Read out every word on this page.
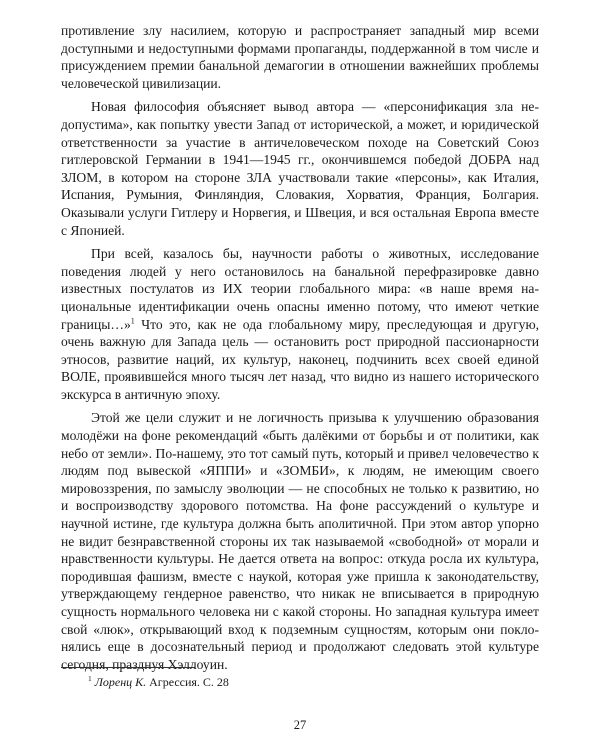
противление злу насилием, которую и распространяет западный мир всеми доступными и недоступными формами пропаганды, поддержанной в том числе и присуждением премии банальной демагогии в отношении важнейших проблемы человеческой цивилизации.

Новая философия объясняет вывод автора — «персонификация зла недопустима», как попытку увести Запад от исторической, а может, и юридической ответственности за участие в античеловеческом походе на Советский Союз гитлеровской Германии в 1941—1945 гг., окончившемся победой ДОБРА над ЗЛОМ, в котором на стороне ЗЛА участвовали такие «персоны», как Италия, Испания, Румыния, Финляндия, Словакия, Хорватия, Франция, Болгария. Оказывали услуги Гитлеру и Норвегия, и Швеция, и вся остальная Европа вместе с Японией.

При всей, казалось бы, научности работы о животных, исследование поведения людей у него остановилось на банальной перефразировке давно известных постулатов из ИХ теории глобального мира: «в наше время национальные идентификации очень опасны именно потому, что имеют четкие границы…»$^1$ Что это, как не ода глобальному миру, преследующая и другую, очень важную для Запада цель — остановить рост природной пассионарности этносов, развитие наций, их культур, наконец, подчинить всех своей единой ВОЛЕ, проявившейся много тысяч лет назад, что видно из нашего исторического экскурса в античную эпоху.

Этой же цели служит и не логичность призыва к улучшению образования молодёжи на фоне рекомендаций «быть далёкими от борьбы и от политики, как небо от земли». По-нашему, это тот самый путь, который и привел человечество к людям под вывеской «ЯППИ» и «ЗОМБИ», к людям, не имеющим своего мировоззрения, по замыслу эволюции — не способных не только к развитию, но и воспроизводству здорового потомства. На фоне рассуждений о культуре и научной истине, где культура должна быть аполитичной. При этом автор упорно не видит безнравственной стороны их так называемой «свободной» от морали и нравственности культуры. Не дается ответа на вопрос: откуда росла их культура, породившая фашизм, вместе с наукой, которая уже пришла к законодательству, утверждающему гендерное равенство, что никак не вписывается в природную сущность нормального человека ни с какой стороны. Но западная культура имеет свой «люк», открывающий вход к подземным сущностям, которым они поклонялись еще в досознательный период и продолжают следовать этой культуре сегодня, празднуя Хэллоуин.

$^1$ Лоренц К. Агрессия. С. 28
27
